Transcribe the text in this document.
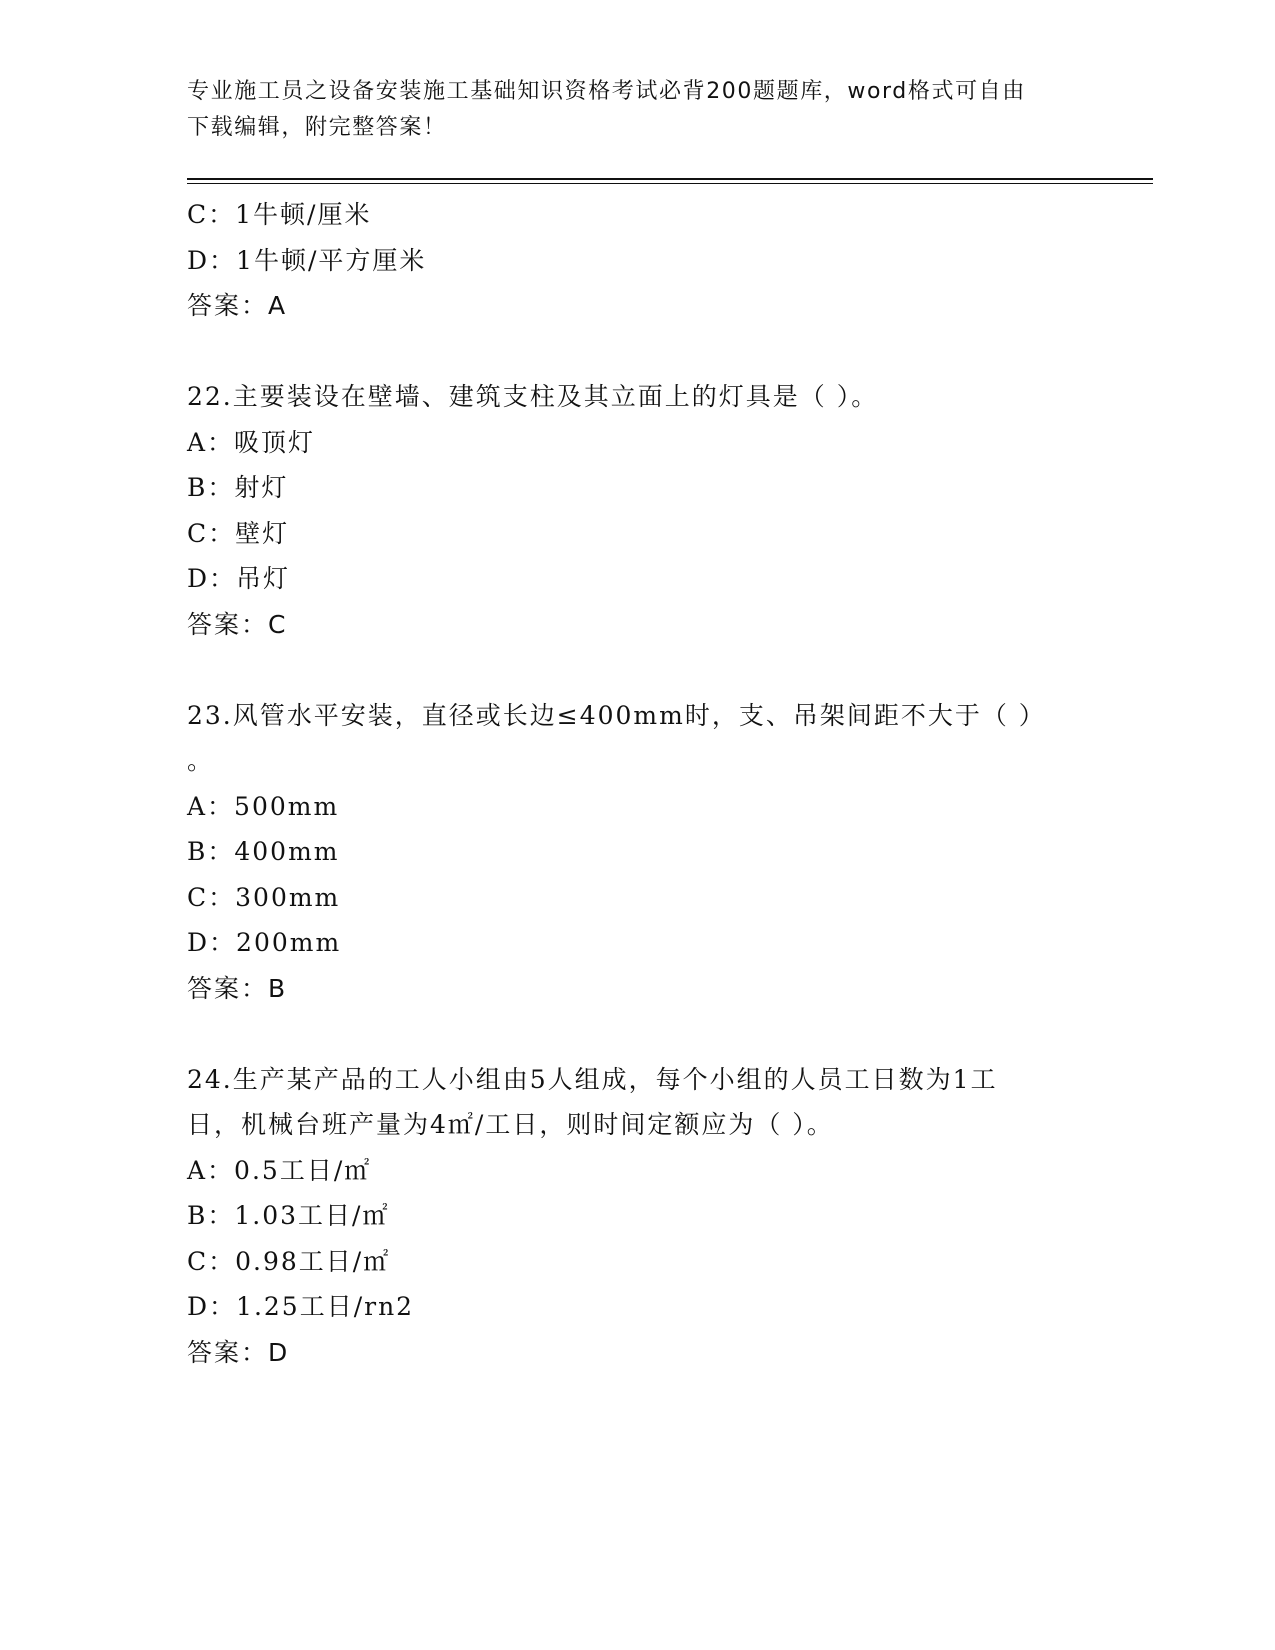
专业施工员之设备安装施工基础知识资格考试必背200题题库，word格式可自由
下载编辑，附完整答案！
C：1牛顿/厘米
D：1牛顿/平方厘米
答案：A
22.主要装设在壁墙、建筑支柱及其立面上的灯具是（ ）。
A：吸顶灯
B：射灯
C：壁灯
D：吊灯
答案：C
23.风管水平安装，直径或长边≤400mm时，支、吊架间距不大于（ ）
。
A：500mm
B：400mm
C：300mm
D：200mm
答案：B
24.生产某产品的工人小组由5人组成，每个小组的人员工日数为1工
日，机械台班产量为4㎡/工日，则时间定额应为（ ）。
A：0.5工日/㎡
B：1.03工日/㎡
C：0.98工日/㎡
D：1.25工日/rn2
答案：D
